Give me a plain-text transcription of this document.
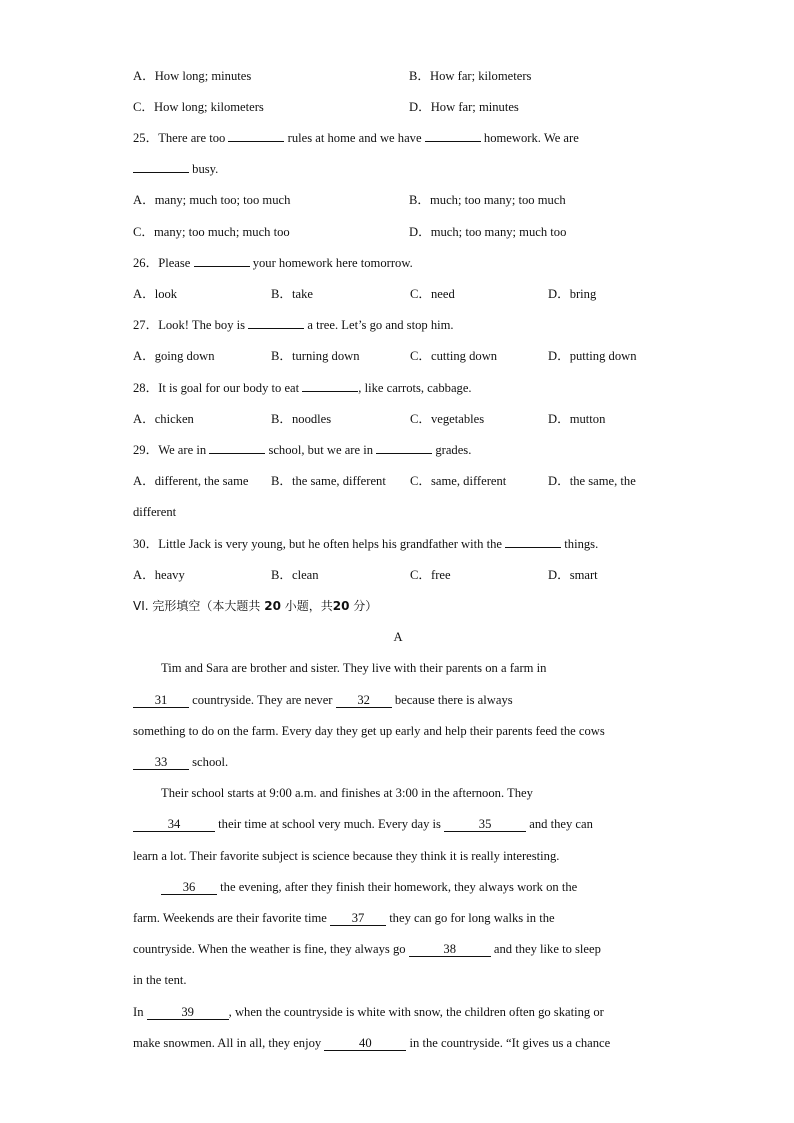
A．How long; minutes	B．How far; kilometers
C．How long; kilometers	D．How far; minutes
25．There are too	rules at home and we have	homework. We are
busy.
A．many; much too; too much	B．much; too many; too much
C．many; too much; much too	D．much; too many; much too
26．Please	your homework here tomorrow.
A．look	B．take	C．need	D．bring
27．Look! The boy is	a tree. Let’s go and stop him.
A．going down	B．turning down	C．cutting down	D．putting down
28．It is goal for our body to eat	, like carrots, cabbage.
A．chicken	B．noodles	C．vegetables	D．mutton
29．We are in	school, but we are in	grades.
A．different, the same B．the same, different C．same, different	D．the same, the
different
30．Little Jack is very young, but he often helps his grandfather with the	things.
A．heavy	B．clean	C．free	D．smart
VI. 完形填空（本大题共 20 小题，共20 分）
A
Tim and Sara are brother and sister. They live with their parents on a farm in
31 countryside. They are never 32 because there is always
something to do on the farm. Every day they get up early and help their parents feed the cows
33 school.
Their school starts at 9:00 a.m. and finishes at 3:00 in the afternoon. They
34	their time at school very much. Every day is	35	and they can
learn a lot. Their favorite subject is science because they think it is really interesting.
36 the evening, after they finish their homework, they always work on the
farm. Weekends are their favorite time 37 they can go for long walks in the
countryside. When the weather is fine, they always go	38	and they like to sleep
in the tent.
In	39	, when the countryside is white with snow, the children often go skating or
make snowmen. All in all, they enjoy	40	in the countryside. “It gives us a chance
